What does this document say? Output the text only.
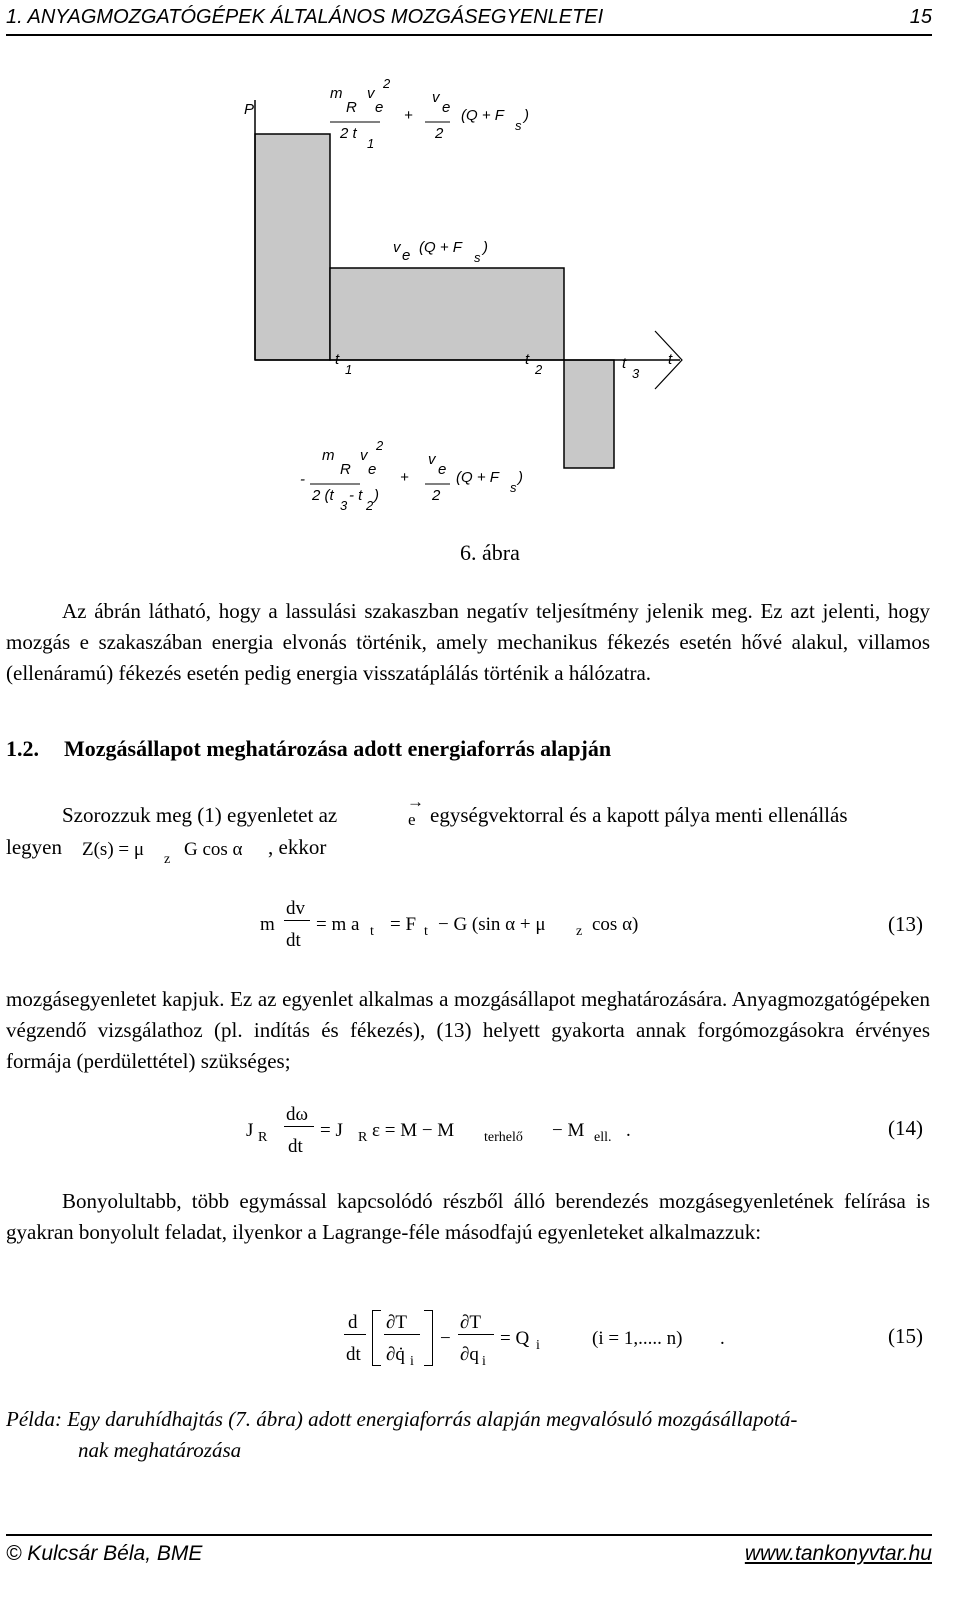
1. ANYAGMOZGATÓGÉPEK ÁLTALÁNOS MOZGÁSEGYENLETEI	15
P
m
R
v
2
e
2 t
1
+
v
e
2
(Q + F
s
)
v e (Q + F
s
)
t
1
t
2	t
3
t
-
m
R
v
2
e
2 (t
3
- t
2
)
+
v
e
2
(Q + F
s
)
6. ábra
Az ábrán látható, hogy a lassulási szakaszban negatív teljesítmény jelenik meg. Ez azt jelenti, hogy mozgás e szakaszában energia elvonás történik, amely mechanikus fékezés esetén hővé alakul, villamos (ellenáramú) fékezés esetén pedig energia visszatáplálás történik a hálózatra.
1.2. Mozgásállapot meghatározása adott energiaforrás alapján
Szorozzuk meg (1) egyenletet az	e
→
egységvektorral és a kapott pálya menti ellenállás
legyen Z(s) = μ z G cos α , ekkor
m
dv
dt
= m a t = F t − G (sin α + μ z cos α)	(13)
mozgásegyenletet kapjuk. Ez az egyenlet alkalmas a mozgásállapot meghatározására. Anyagmozgatógépeken végzendő vizsgálathoz (pl. indítás és fékezés), (13) helyett gyakorta annak forgómozgásokra érvényes formája (perdülettétel) szükséges;
J R
dω
dt
= J R ε = M − M terhelő − M ell. .	(14)
Bonyolultabb, több egymással kapcsolódó részből álló berendezés mozgásegyenletének felírása is gyakran bonyolult feladat, ilyenkor a Lagrange-féle másodfajú egyenleteket alkalmazzuk:
d
dt
∂T
∂q̇ i
−
∂T
∂q i
= Q i	(i = 1,..... n) .	(15)
Példa: Egy daruhídhajtás (7. ábra) adott energiaforrás alapján megvalósuló mozgásállapotá-
nak meghatározása
© Kulcsár Béla, BME	www.tankonyvtar.hu
